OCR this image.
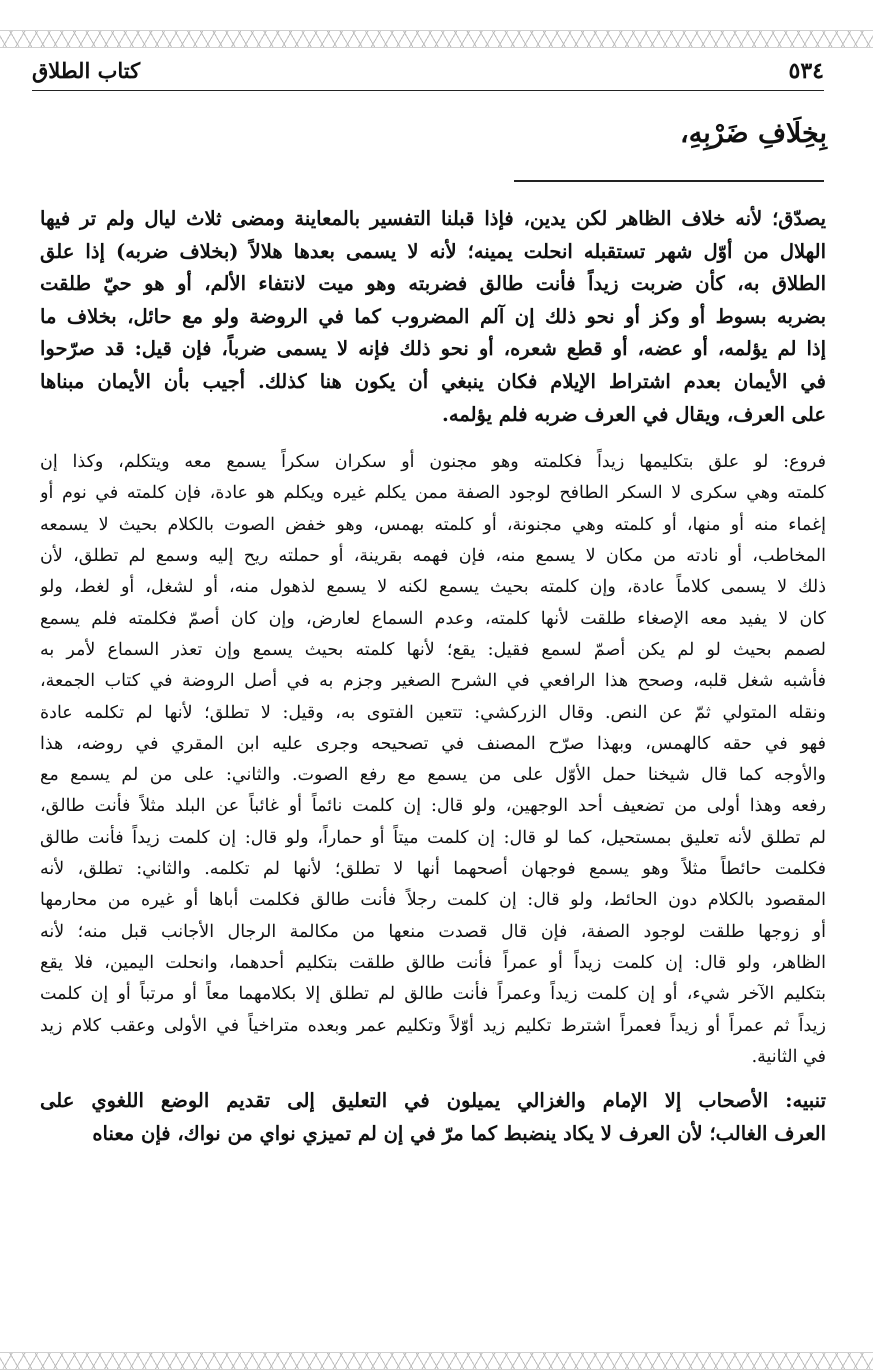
٥٣٤
كتاب الطلاق
بِخِلَافِ ضَرْبِهِ،
يصدّق؛ لأنه خلاف الظاهر لكن يدين، فإذا قبلنا التفسير بالمعاينة ومضى ثلاث ليال ولم تر فيها
الهلال من أوّل شهر تستقبله انحلت يمينه؛ لأنه لا يسمى بعدها هلالاً (بخلاف ضربه) إذا علق
الطلاق به، كأن ضربت زيداً فأنت طالق فضربته وهو ميت لانتفاء الألم، أو هو حيّ طلقت
بضربه بسوط أو وكز أو نحو ذلك إن آلم المضروب كما في الروضة ولو مع حائل، بخلاف ما
إذا لم يؤلمه، أو عضه، أو قطع شعره، أو نحو ذلك فإنه لا يسمى ضرباً، فإن قيل: قد صرّحوا
في الأيمان بعدم اشتراط الإيلام فكان ينبغي أن يكون هنا كذلك. أجيب بأن الأيمان مبناها
على العرف، ويقال في العرف ضربه فلم يؤلمه.
فروع: لو علق بتكليمها زيداً فكلمته وهو مجنون أو سكران سكراً يسمع معه ويتكلم، وكذا إن
كلمته وهي سكرى لا السكر الطافح لوجود الصفة ممن يكلم غيره ويكلم هو عادة، فإن كلمته في نوم أو
إغماء منه أو منها، أو كلمته وهي مجنونة، أو كلمته بهمس، وهو خفض الصوت بالكلام بحيث لا يسمعه
المخاطب، أو نادته من مكان لا يسمع منه، فإن فهمه بقرينة، أو حملته ريح إليه وسمع لم تطلق، لأن
ذلك لا يسمى كلاماً عادة، وإن كلمته بحيث يسمع لكنه لا يسمع لذهول منه، أو لشغل، أو لغط، ولو
كان لا يفيد معه الإصغاء طلقت لأنها كلمته، وعدم السماع لعارض، وإن كان أصمّ فكلمته فلم يسمع
لصمم بحيث لو لم يكن أصمّ لسمع فقيل: يقع؛ لأنها كلمته بحيث يسمع وإن تعذر السماع لأمر به
فأشبه شغل قلبه، وصحح هذا الرافعي في الشرح الصغير وجزم به في أصل الروضة في كتاب الجمعة،
ونقله المتولي ثمّ عن النص. وقال الزركشي: تتعين الفتوى به، وقيل: لا تطلق؛ لأنها لم تكلمه عادة
فهو في حقه كالهمس، وبهذا صرّح المصنف في تصحيحه وجرى عليه ابن المقري في روضه، هذا
والأوجه كما قال شيخنا حمل الأوّل على من يسمع مع رفع الصوت. والثاني: على من لم يسمع مع
رفعه وهذا أولى من تضعيف أحد الوجهين، ولو قال: إن كلمت نائماً أو غائباً عن البلد مثلاً فأنت طالق،
لم تطلق لأنه تعليق بمستحيل، كما لو قال: إن كلمت ميتاً أو حماراً، ولو قال: إن كلمت زيداً فأنت طالق
فكلمت حائطاً مثلاً وهو يسمع فوجهان أصحهما أنها لا تطلق؛ لأنها لم تكلمه. والثاني: تطلق، لأنه
المقصود بالكلام دون الحائط، ولو قال: إن كلمت رجلاً فأنت طالق فكلمت أباها أو غيره من محارمها
أو زوجها طلقت لوجود الصفة، فإن قال قصدت منعها من مكالمة الرجال الأجانب قبل منه؛ لأنه
الظاهر، ولو قال: إن كلمت زيداً أو عمراً فأنت طالق طلقت بتكليم أحدهما، وانحلت اليمين، فلا يقع
بتكليم الآخر شيء، أو إن كلمت زيداً وعمراً فأنت طالق لم تطلق إلا بكلامهما معاً أو مرتباً أو إن كلمت
زيداً ثم عمراً أو زيداً فعمراً اشترط تكليم زيد أوّلاً وتكليم عمر وبعده متراخياً في الأولى وعقب كلام زيد
في الثانية.
تنبيه: الأصحاب إلا الإمام والغزالي يميلون في التعليق إلى تقديم الوضع اللغوي على
العرف الغالب؛ لأن العرف لا يكاد ينضبط كما مرّ في إن لم تميزي نواي من نواك، فإن معناه
